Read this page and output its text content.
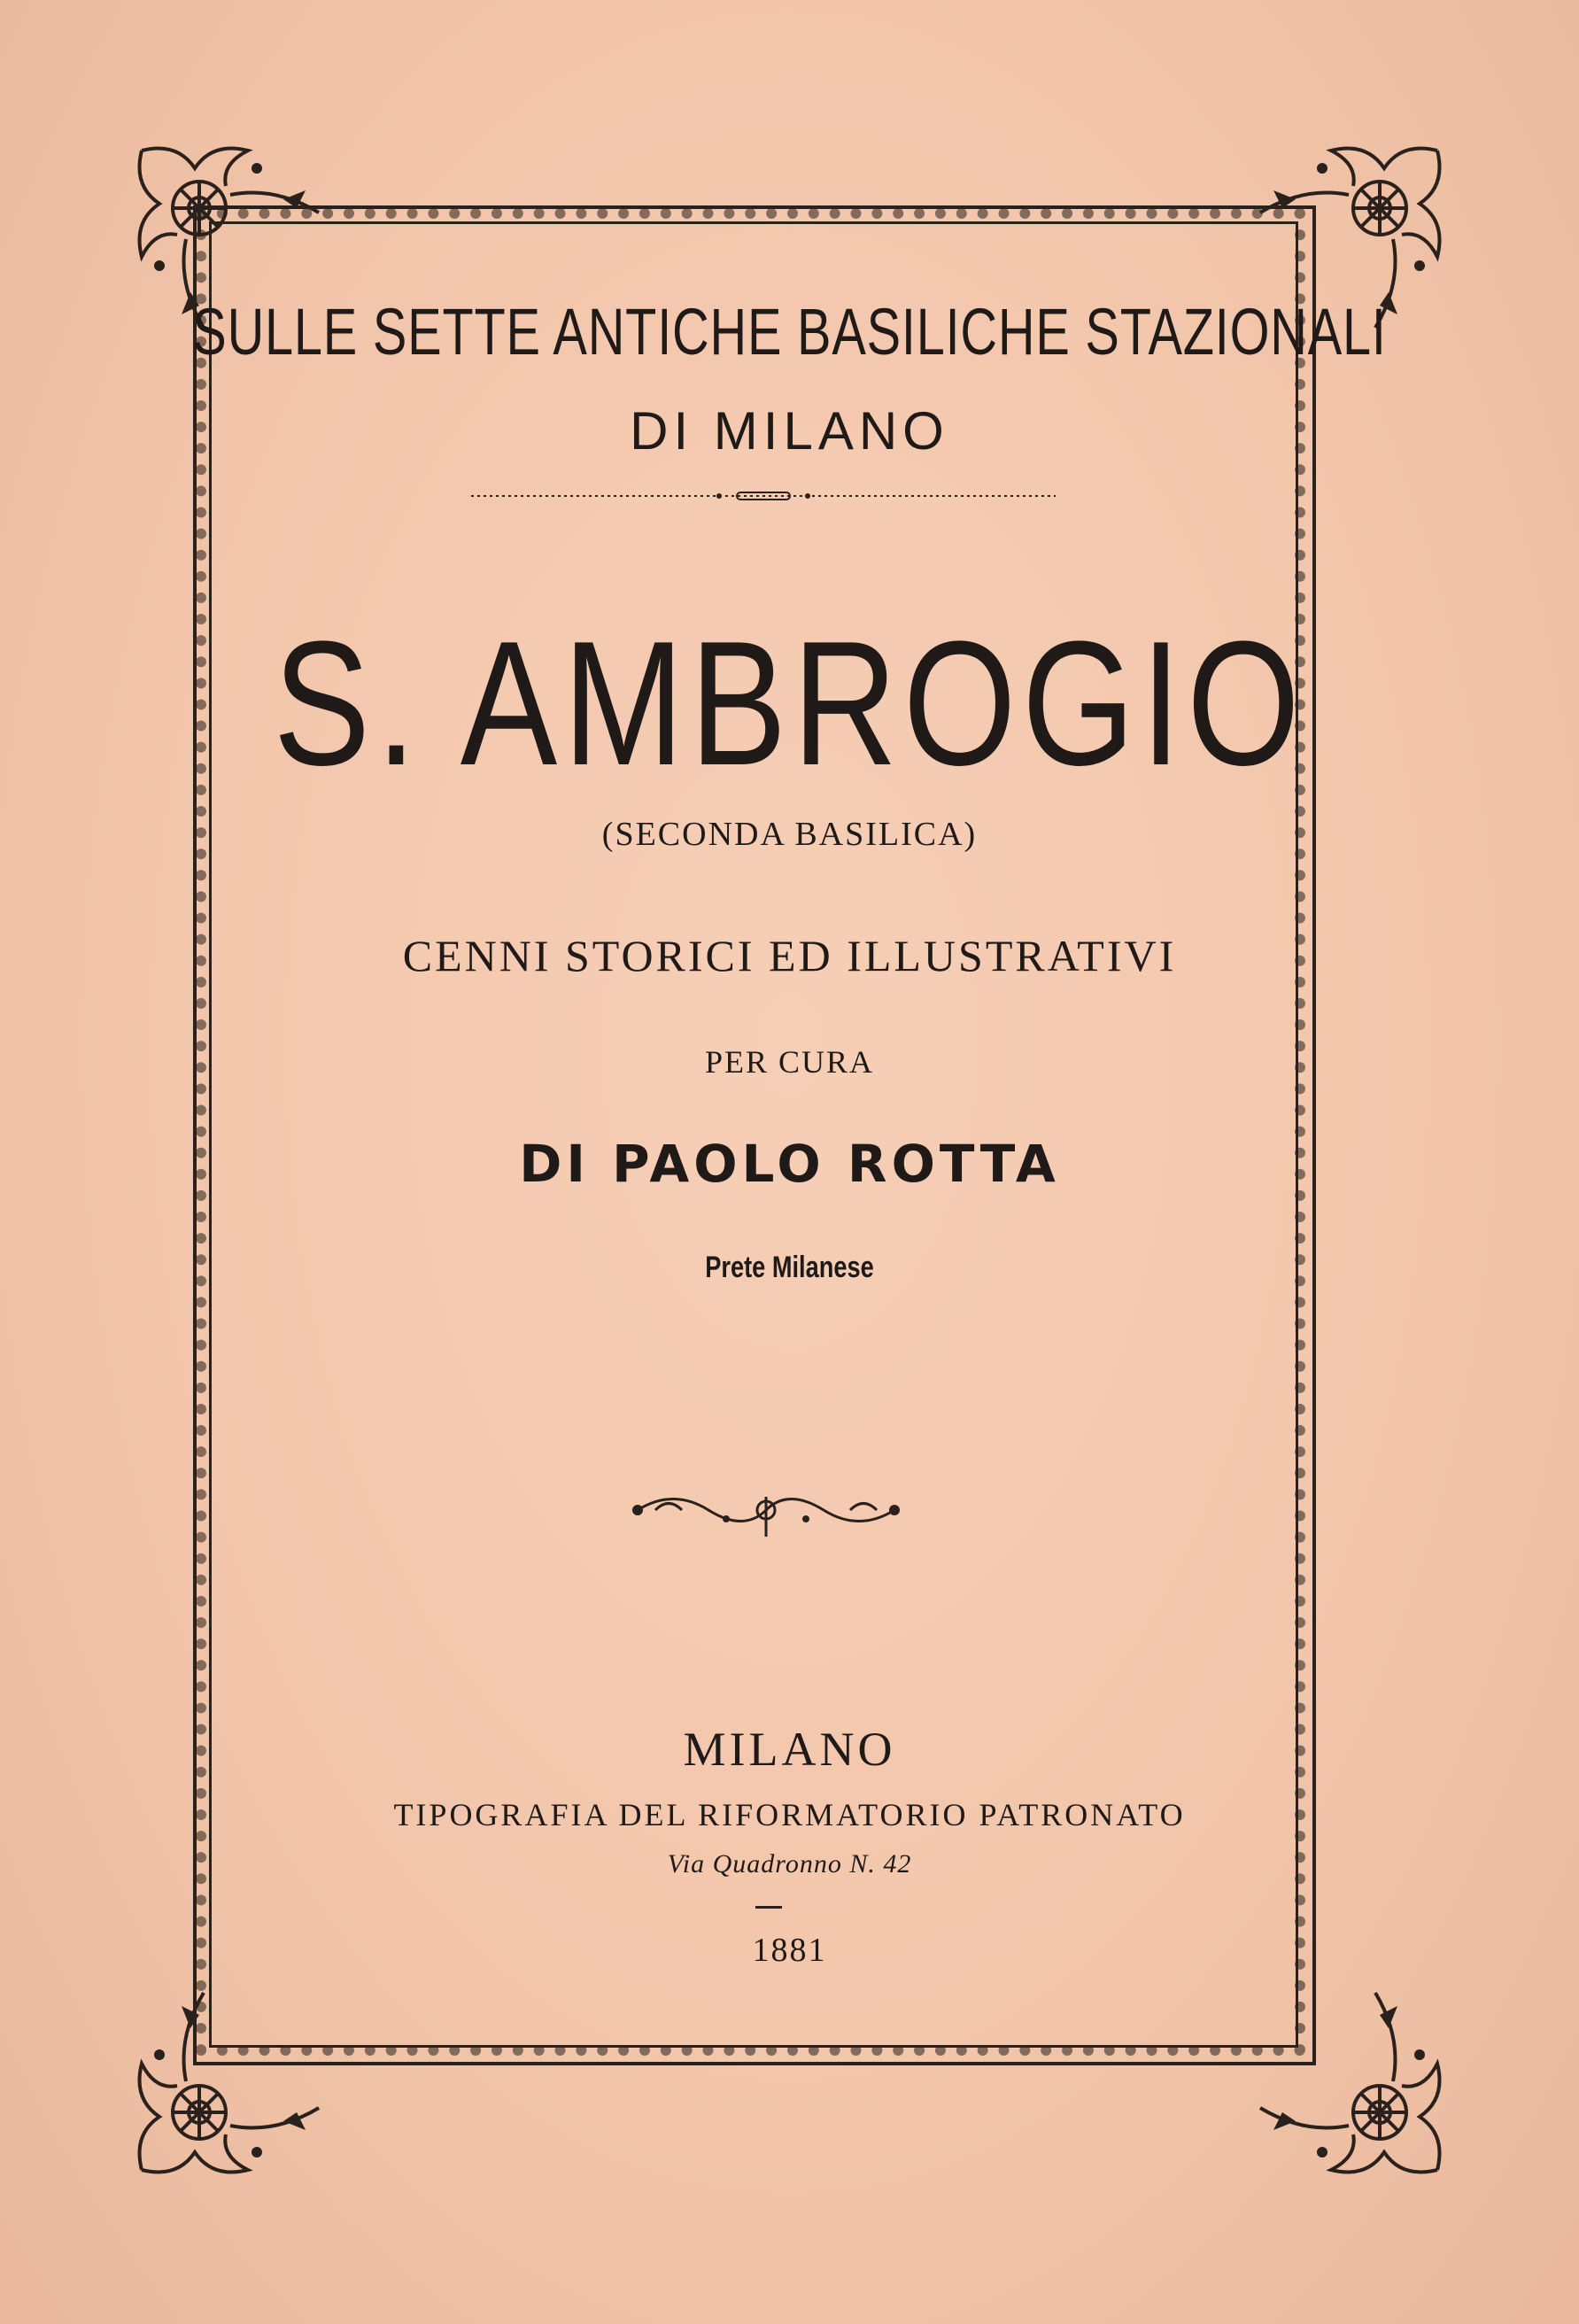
SULLE SETTE ANTICHE BASILICHE STAZIONALI
DI MILANO
S. AMBROGIO
(SECONDA BASILICA)
CENNI STORICI ED ILLUSTRATIVI
PER CURA
DI PAOLO ROTTA
Prete Milanese
MILANO
TIPOGRAFIA DEL RIFORMATORIO PATRONATO
Via Quadronno N. 42
1881
